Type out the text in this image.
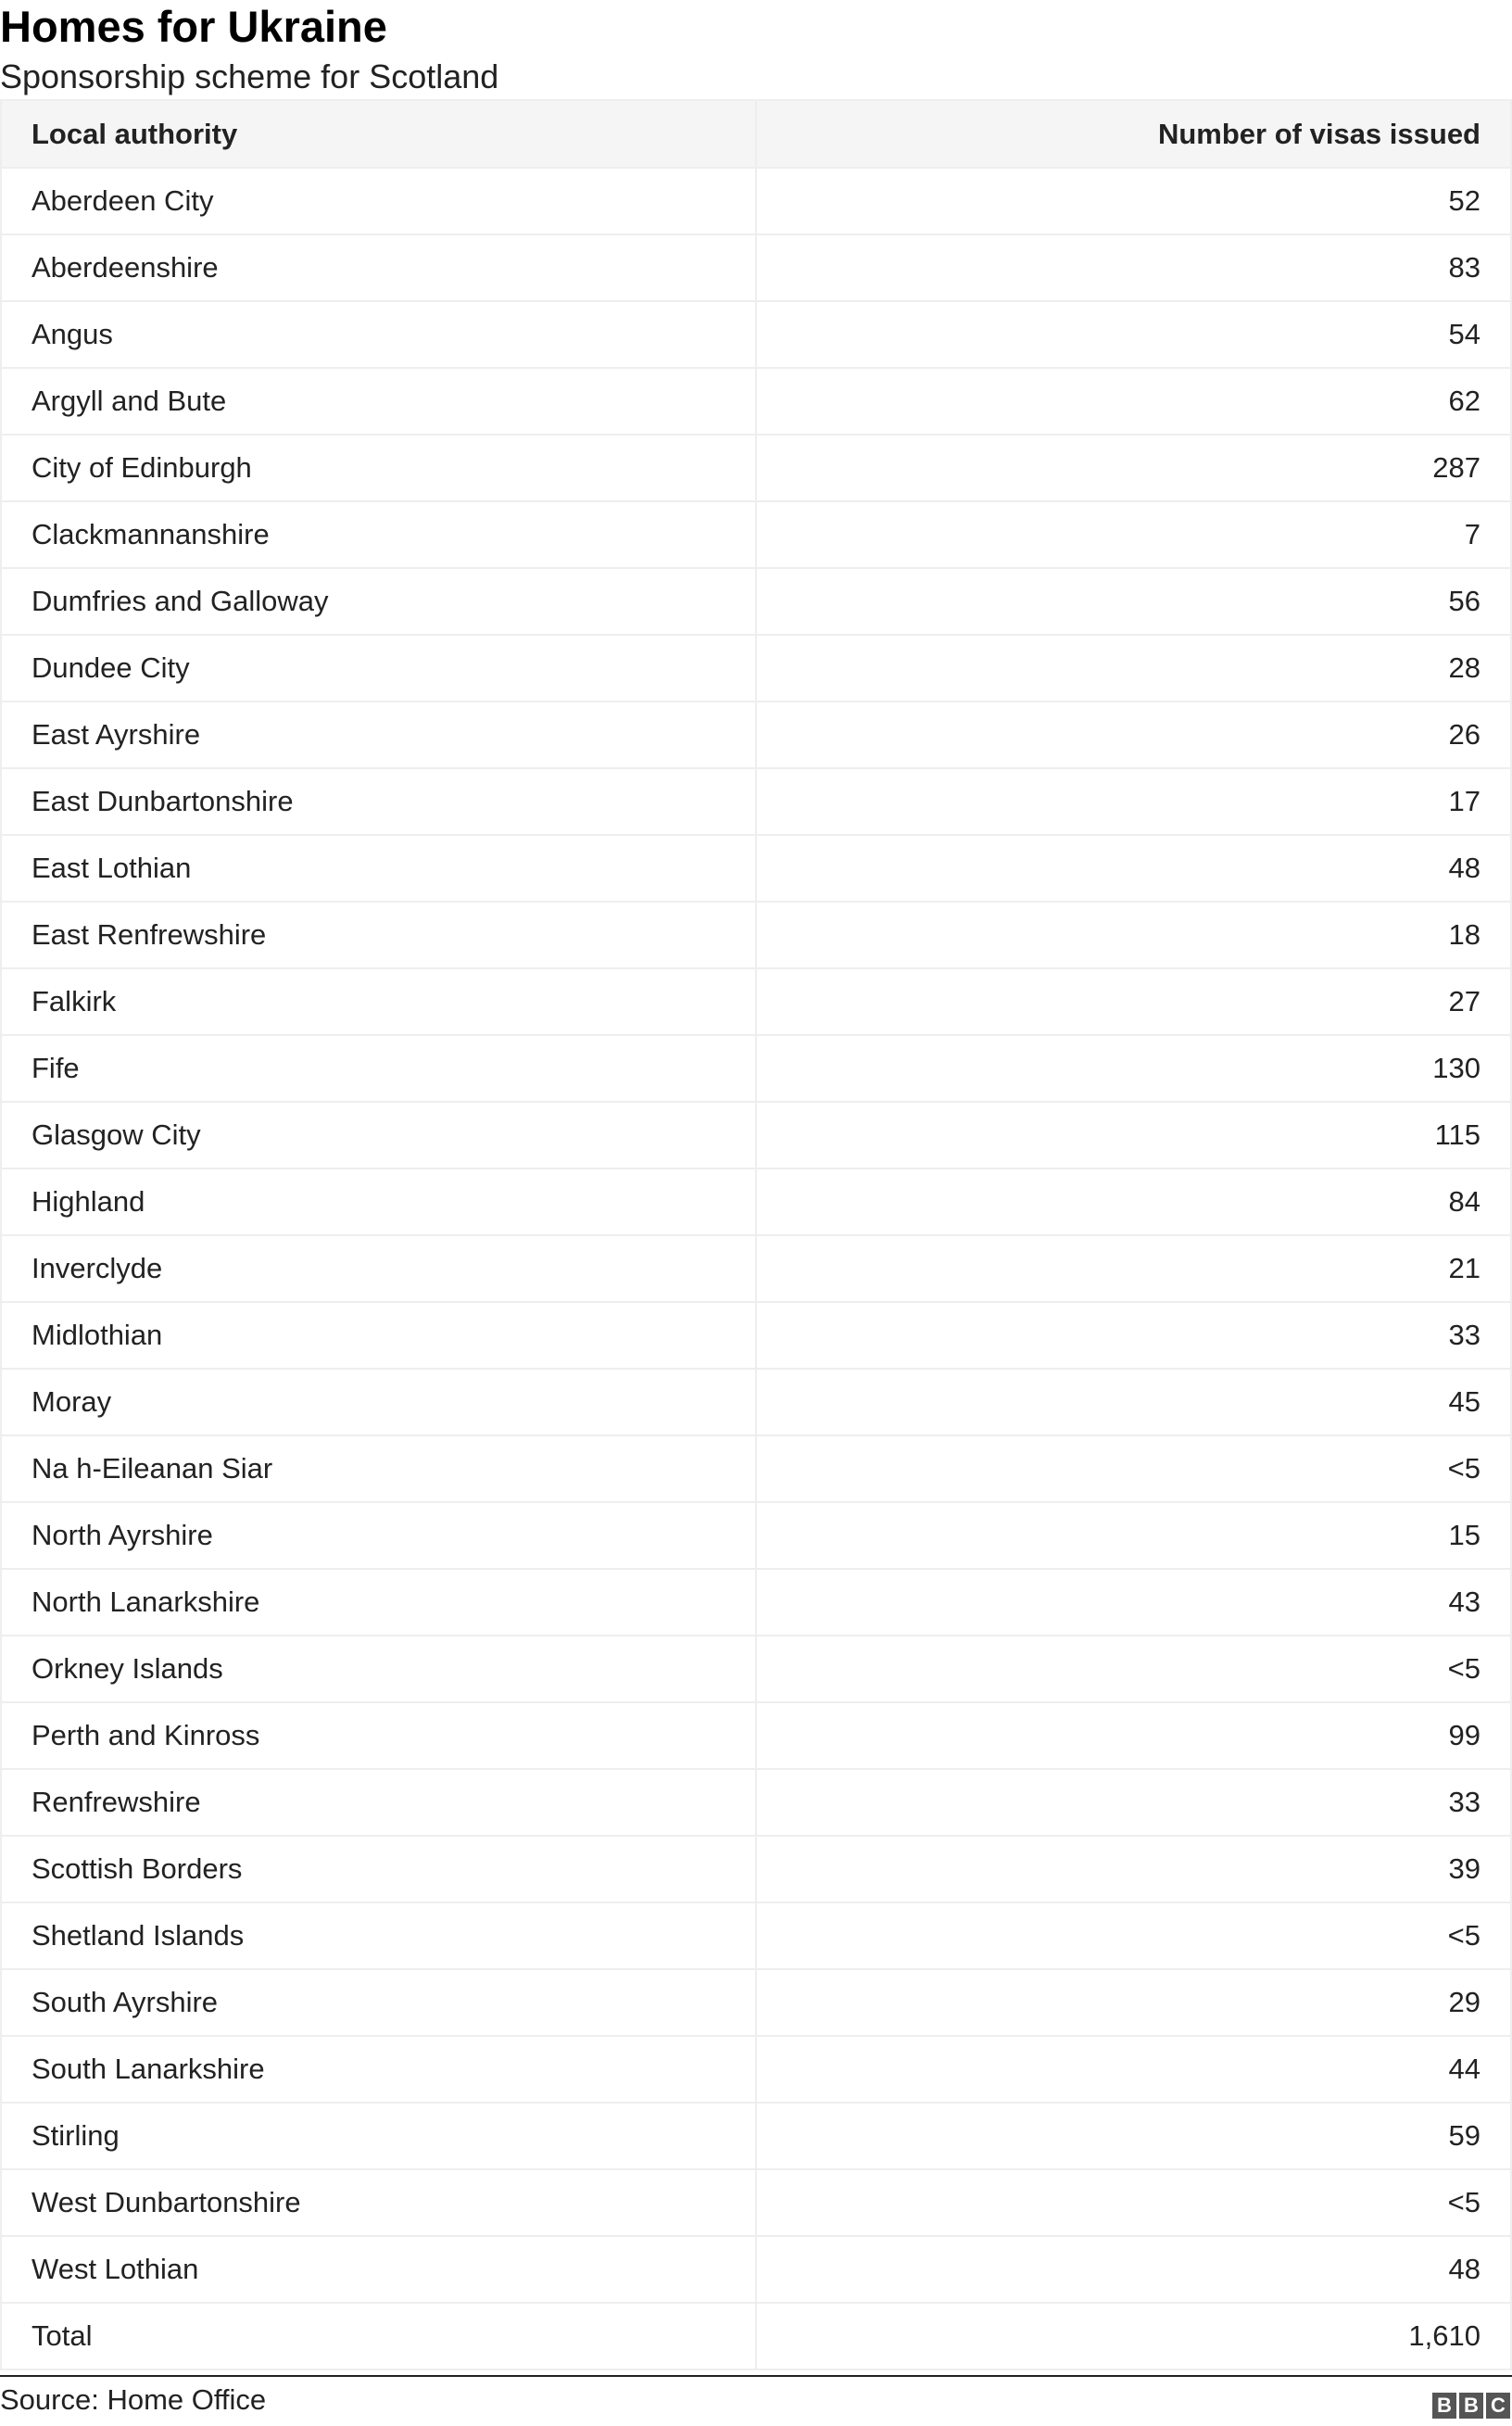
Homes for Ukraine
Sponsorship scheme for Scotland
Local authority	Number of visas issued
Aberdeen City	52
Aberdeenshire	83
Angus	54
Argyll and Bute	62
City of Edinburgh	287
Clackmannanshire	7
Dumfries and Galloway	56
Dundee City	28
East Ayrshire	26
East Dunbartonshire	17
East Lothian	48
East Renfrewshire	18
Falkirk	27
Fife	130
Glasgow City	115
Highland	84
Inverclyde	21
Midlothian	33
Moray	45
Na h-Eileanan Siar	<5
North Ayrshire	15
North Lanarkshire	43
Orkney Islands	<5
Perth and Kinross	99
Renfrewshire	33
Scottish Borders	39
Shetland Islands	<5
South Ayrshire	29
South Lanarkshire	44
Stirling	59
West Dunbartonshire	<5
West Lothian	48
Total	1,610
Source: Home Office	B B C
